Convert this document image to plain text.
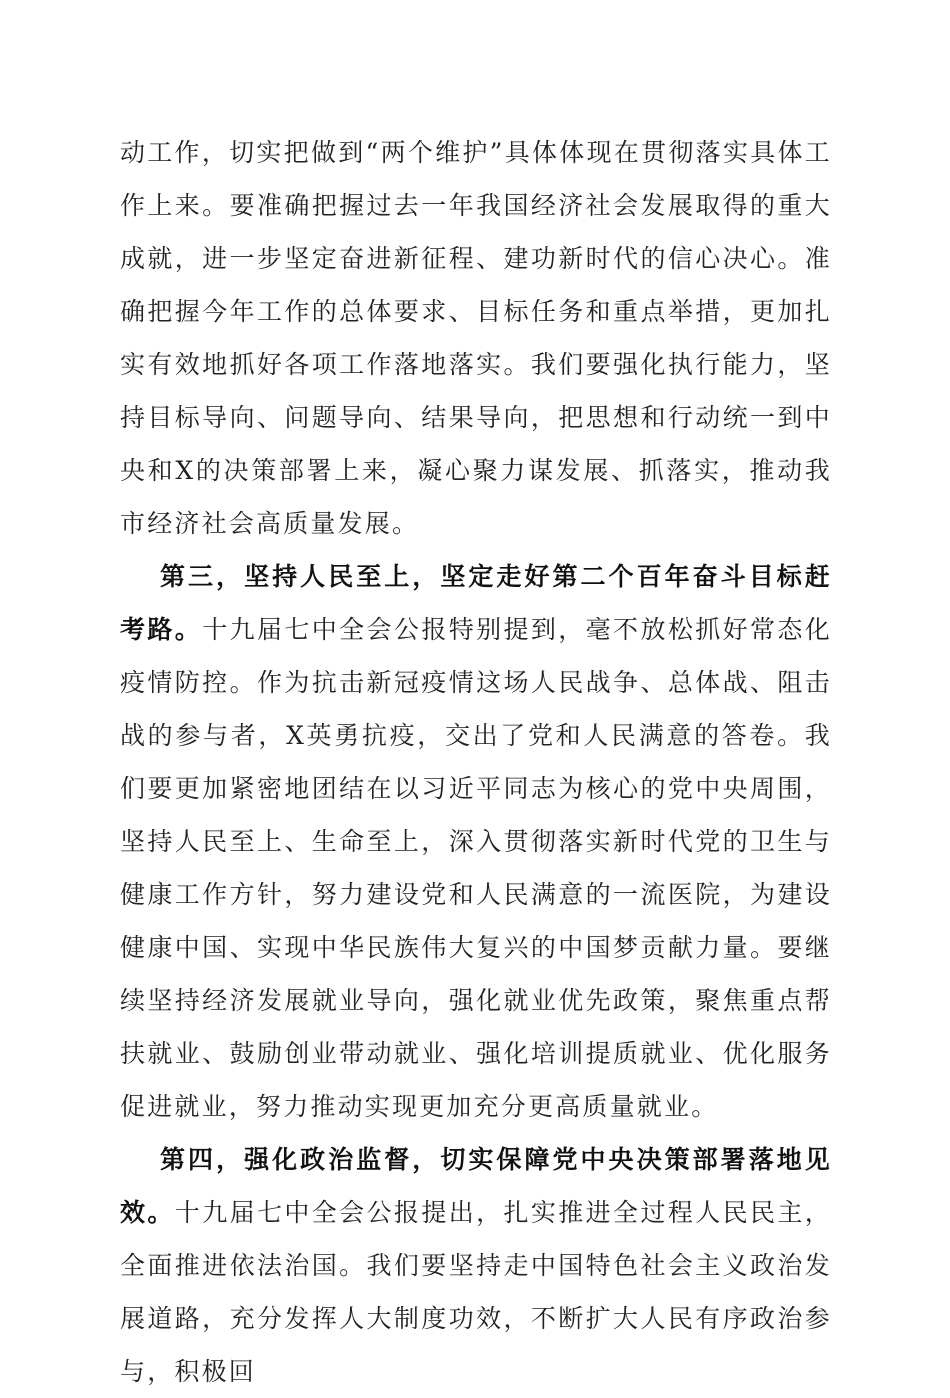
动工作，切实把做到“两个维护”具体体现在贯彻落实具体工作上来。要准确把握过去一年我国经济社会发展取得的重大成就，进一步坚定奋进新征程、建功新时代的信心决心。准确把握今年工作的总体要求、目标任务和重点举措，更加扎实有效地抓好各项工作落地落实。我们要强化执行能力，坚持目标导向、问题导向、结果导向，把思想和行动统一到中央和X的决策部署上来，凝心聚力谋发展、抓落实，推动我市经济社会高质量发展。

第三，坚持人民至上，坚定走好第二个百年奋斗目标赶考路。十九届七中全会公报特别提到，毫不放松抓好常态化疫情防控。作为抗击新冠疫情这场人民战争、总体战、阻击战的参与者，X英勇抗疫，交出了党和人民满意的答卷。我们要更加紧密地团结在以习近平同志为核心的党中央周围，坚持人民至上、生命至上，深入贯彻落实新时代党的卫生与健康工作方针，努力建设党和人民满意的一流医院，为建设健康中国、实现中华民族伟大复兴的中国梦贡献力量。要继续坚持经济发展就业导向，强化就业优先政策，聚焦重点帮扶就业、鼓励创业带动就业、强化培训提质就业、优化服务促进就业，努力推动实现更加充分更高质量就业。

第四，强化政治监督，切实保障党中央决策部署落地见效。十九届七中全会公报提出，扎实推进全过程人民民主，全面推进依法治国。我们要坚持走中国特色社会主义政治发展道路，充分发挥人大制度功效，不断扩大人民有序政治参与，积极回
